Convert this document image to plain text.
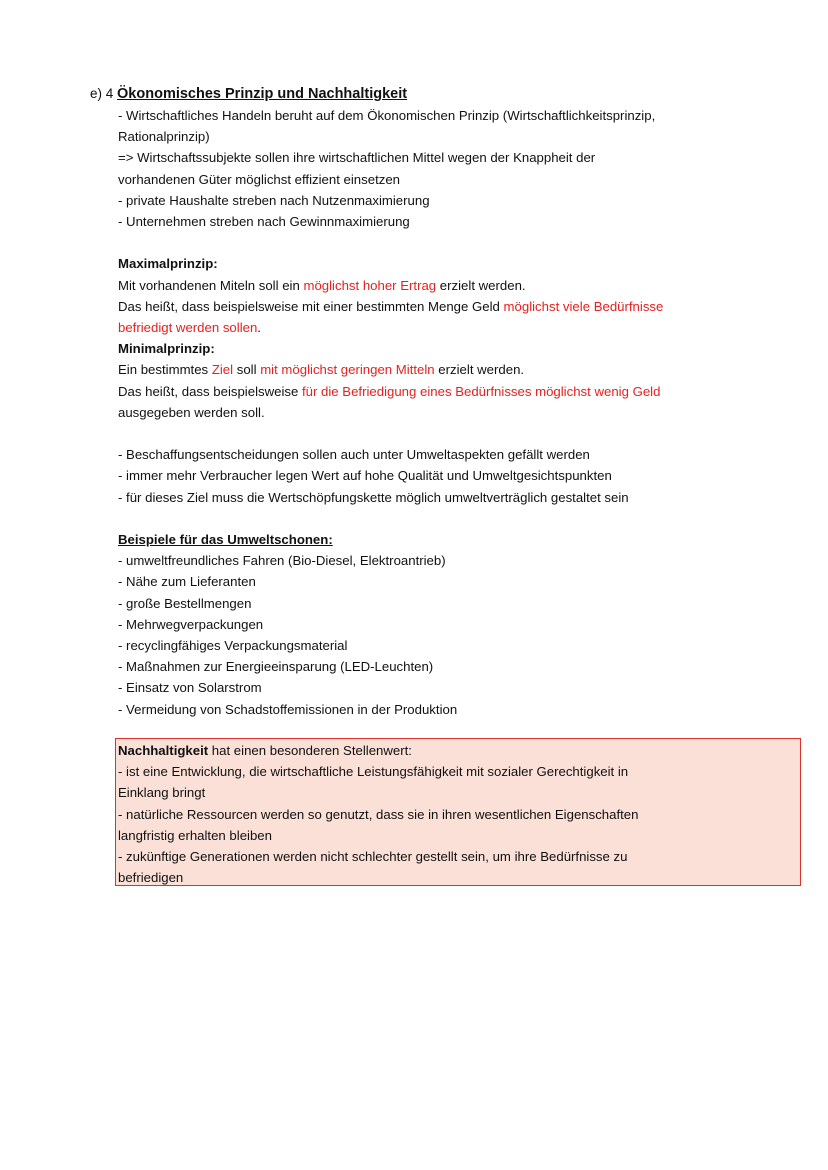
e) 4 Ökonomisches Prinzip und Nachhaltigkeit
- Wirtschaftliches Handeln beruht auf dem Ökonomischen Prinzip (Wirtschaftlichkeitsprinzip,
Rationalprinzip)
=> Wirtschaftssubjekte sollen ihre wirtschaftlichen Mittel wegen der Knappheit der
vorhandenen Güter möglichst effizient einsetzen
- private Haushalte streben nach Nutzenmaximierung
- Unternehmen streben nach Gewinnmaximierung
Maximalprinzip:
Mit vorhandenen Miteln soll ein möglichst hoher Ertrag erzielt werden.
Das heißt, dass beispielsweise mit einer bestimmten Menge Geld möglichst viele Bedürfnisse
befriedigt werden sollen.
Minimalprinzip:
Ein bestimmtes Ziel soll mit möglichst geringen Mitteln erzielt werden.
Das heißt, dass beispielsweise für die Befriedigung eines Bedürfnisses möglichst wenig Geld
ausgegeben werden soll.
- Beschaffungsentscheidungen sollen auch unter Umweltaspekten gefällt werden
- immer mehr Verbraucher legen Wert auf hohe Qualität und Umweltgesichtspunkten
- für dieses Ziel muss die Wertschöpfungskette möglich umweltverträglich gestaltet sein
Beispiele für das Umweltschonen:
- umweltfreundliches Fahren (Bio-Diesel, Elektroantrieb)
- Nähe zum Lieferanten
- große Bestellmengen
- Mehrwegverpackungen
- recyclingfähiges Verpackungsmaterial
- Maßnahmen zur Energieeinsparung (LED-Leuchten)
- Einsatz von Solarstrom
- Vermeidung von Schadstoffemissionen in der Produktion
Nachhaltigkeit hat einen besonderen Stellenwert:
- ist eine Entwicklung, die wirtschaftliche Leistungsfähigkeit mit sozialer Gerechtigkeit in
Einklang bringt
- natürliche Ressourcen werden so genutzt, dass sie in ihren wesentlichen Eigenschaften
langfristig erhalten bleiben
- zukünftige Generationen werden nicht schlechter gestellt sein, um ihre Bedürfnisse zu
befriedigen
